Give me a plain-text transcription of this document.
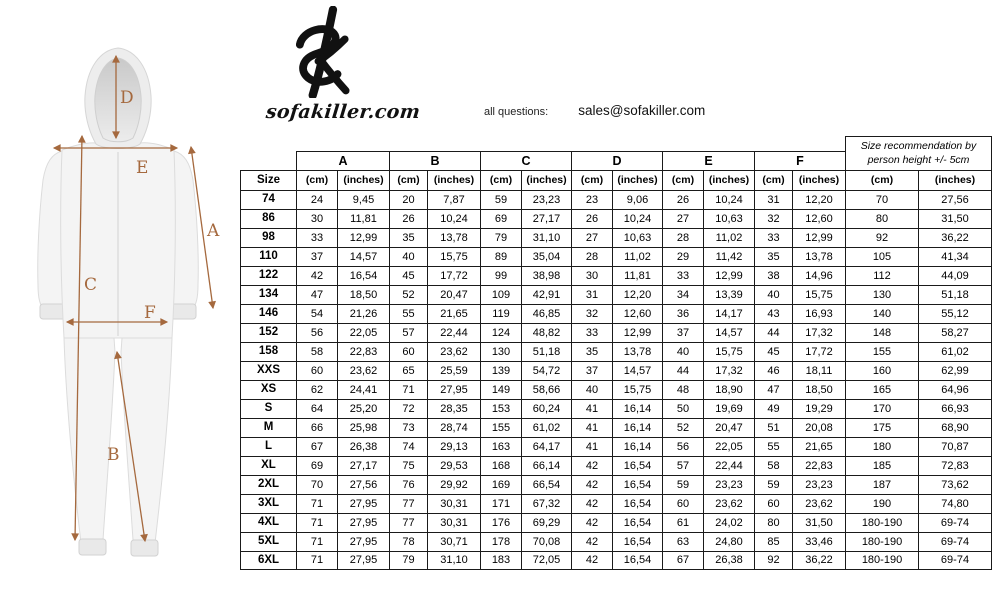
D
E
A
C
F
B
sofakiller.com	all questions: sales@sofakiller.com
A	B	C	D	E	F
Size recommendation by person height +/- 5cm
Size	(cm)	(inches)	(cm)	(inches)	(cm)	(inches)	(cm)	(inches)	(cm)	(inches)	(cm)	(inches)	(cm)	(inches)
74	24	9,45	20	7,87	59	23,23	23	9,06	26	10,24	31	12,20	70	27,56
86	30	11,81	26	10,24	69	27,17	26	10,24	27	10,63	32	12,60	80	31,50
98	33	12,99	35	13,78	79	31,10	27	10,63	28	11,02	33	12,99	92	36,22
110	37	14,57	40	15,75	89	35,04	28	11,02	29	11,42	35	13,78	105	41,34
122	42	16,54	45	17,72	99	38,98	30	11,81	33	12,99	38	14,96	112	44,09
134	47	18,50	52	20,47	109	42,91	31	12,20	34	13,39	40	15,75	130	51,18
146	54	21,26	55	21,65	119	46,85	32	12,60	36	14,17	43	16,93	140	55,12
152	56	22,05	57	22,44	124	48,82	33	12,99	37	14,57	44	17,32	148	58,27
158	58	22,83	60	23,62	130	51,18	35	13,78	40	15,75	45	17,72	155	61,02
XXS	60	23,62	65	25,59	139	54,72	37	14,57	44	17,32	46	18,11	160	62,99
XS	62	24,41	71	27,95	149	58,66	40	15,75	48	18,90	47	18,50	165	64,96
S	64	25,20	72	28,35	153	60,24	41	16,14	50	19,69	49	19,29	170	66,93
M	66	25,98	73	28,74	155	61,02	41	16,14	52	20,47	51	20,08	175	68,90
L	67	26,38	74	29,13	163	64,17	41	16,14	56	22,05	55	21,65	180	70,87
XL	69	27,17	75	29,53	168	66,14	42	16,54	57	22,44	58	22,83	185	72,83
2XL	70	27,56	76	29,92	169	66,54	42	16,54	59	23,23	59	23,23	187	73,62
3XL	71	27,95	77	30,31	171	67,32	42	16,54	60	23,62	60	23,62	190	74,80
4XL	71	27,95	77	30,31	176	69,29	42	16,54	61	24,02	80	31,50	180-190	69-74
5XL	71	27,95	78	30,71	178	70,08	42	16,54	63	24,80	85	33,46	180-190	69-74
6XL	71	27,95	79	31,10	183	72,05	42	16,54	67	26,38	92	36,22	180-190	69-74
